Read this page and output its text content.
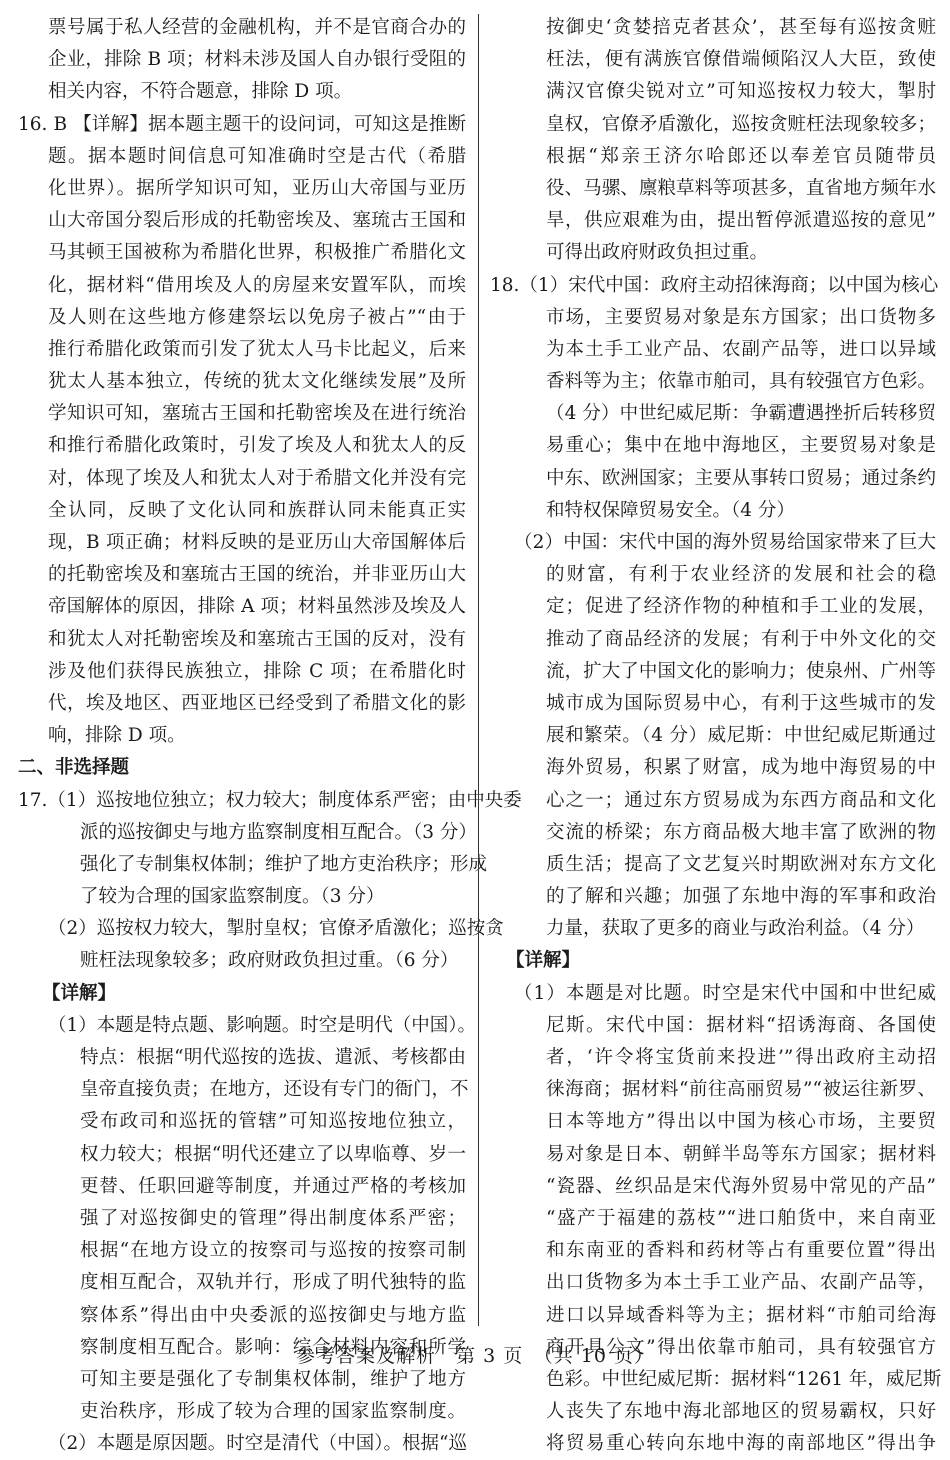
票号属于私人经营的金融机构，并不是官商合办的
企业，排除 B 项；材料未涉及国人自办银行受阻的
相关内容，不符合题意，排除 D 项。
16. B 【详解】据本题主题干的设问词，可知这是推断
题。据本题时间信息可知准确时空是古代（希腊
化世界）。据所学知识可知，亚历山大帝国与亚历
山大帝国分裂后形成的托勒密埃及、塞琉古王国和
马其顿王国被称为希腊化世界，积极推广希腊化文
化，据材料“借用埃及人的房屋来安置军队，而埃
及人则在这些地方修建祭坛以免房子被占”“由于
推行希腊化政策而引发了犹太人马卡比起义，后来
犹太人基本独立，传统的犹太文化继续发展”及所
学知识可知，塞琉古王国和托勒密埃及在进行统治
和推行希腊化政策时，引发了埃及人和犹太人的反
对，体现了埃及人和犹太人对于希腊文化并没有完
全认同，反映了文化认同和族群认同未能真正实
现，B 项正确；材料反映的是亚历山大帝国解体后
的托勒密埃及和塞琉古王国的统治，并非亚历山大
帝国解体的原因，排除 A 项；材料虽然涉及埃及人
和犹太人对托勒密埃及和塞琉古王国的反对，没有
涉及他们获得民族独立，排除 C 项；在希腊化时
代，埃及地区、西亚地区已经受到了希腊文化的影
响，排除 D 项。
二、非选择题
17.（1）巡按地位独立；权力较大；制度体系严密；由中央委
派的巡按御史与地方监察制度相互配合。（3 分）
强化了专制集权体制；维护了地方吏治秩序；形成
了较为合理的国家监察制度。（3 分）
（2）巡按权力较大，掣肘皇权；官僚矛盾激化；巡按贪
赃枉法现象较多；政府财政负担过重。（6 分）
【详解】
（1）本题是特点题、影响题。时空是明代（中国）。
特点：根据“明代巡按的选拔、遣派、考核都由
皇帝直接负责；在地方，还设有专门的衙门，不
受布政司和巡抚的管辖”可知巡按地位独立，
权力较大；根据“明代还建立了以卑临尊、岁一
更替、任职回避等制度，并通过严格的考核加
强了对巡按御史的管理”得出制度体系严密；
根据“在地方设立的按察司与巡按的按察司制
度相互配合，双轨并行，形成了明代独特的监
察体系”得出由中央委派的巡按御史与地方监
察制度相互配合。影响：综合材料内容和所学
可知主要是强化了专制集权体制，维护了地方
吏治秩序，形成了较为合理的国家监察制度。
（2）本题是原因题。时空是清代（中国）。根据“巡
按御史‘贪婪掊克者甚众’，甚至每有巡按贪赃
枉法，便有满族官僚借端倾陷汉人大臣，致使
满汉官僚尖锐对立”可知巡按权力较大，掣肘
皇权，官僚矛盾激化，巡按贪赃枉法现象较多；
根据“郑亲王济尔哈郎还以奉差官员随带员
役、马骡、廪粮草料等项甚多，直省地方频年水
旱，供应艰难为由，提出暂停派遣巡按的意见”
可得出政府财政负担过重。
18.（1）宋代中国：政府主动招徕海商；以中国为核心
市场，主要贸易对象是东方国家；出口货物多
为本土手工业产品、农副产品等，进口以异域
香料等为主；依靠市舶司，具有较强官方色彩。
（4 分）中世纪威尼斯：争霸遭遇挫折后转移贸
易重心；集中在地中海地区，主要贸易对象是
中东、欧洲国家；主要从事转口贸易；通过条约
和特权保障贸易安全。（4 分）
（2）中国：宋代中国的海外贸易给国家带来了巨大
的财富，有利于农业经济的发展和社会的稳
定；促进了经济作物的种植和手工业的发展，
推动了商品经济的发展；有利于中外文化的交
流，扩大了中国文化的影响力；使泉州、广州等
城市成为国际贸易中心，有利于这些城市的发
展和繁荣。（4 分）威尼斯：中世纪威尼斯通过
海外贸易，积累了财富，成为地中海贸易的中
心之一；通过东方贸易成为东西方商品和文化
交流的桥梁；东方商品极大地丰富了欧洲的物
质生活；提高了文艺复兴时期欧洲对东方文化
的了解和兴趣；加强了东地中海的军事和政治
力量，获取了更多的商业与政治利益。（4 分）
【详解】
（1）本题是对比题。时空是宋代中国和中世纪威
尼斯。宋代中国：据材料“招诱海商、各国使
者，‘许令将宝货前来投进’”得出政府主动招
徕海商；据材料“前往高丽贸易”“被运往新罗、
日本等地方”得出以中国为核心市场，主要贸
易对象是日本、朝鲜半岛等东方国家；据材料
“瓷器、丝织品是宋代海外贸易中常见的产品”
“盛产于福建的荔枝”“进口舶货中，来自南亚
和东南亚的香料和药材等占有重要位置”得出
出口货物多为本土手工业产品、农副产品等，
进口以异域香料等为主；据材料“市舶司给海
商开具公文”得出依靠市舶司，具有较强官方
色彩。中世纪威尼斯：据材料“1261 年，威尼斯
人丧失了东地中海北部地区的贸易霸权，只好
将贸易重心转向东地中海的南部地区”得出争
参考答案及解析　第 3 页　（共 10 页）
